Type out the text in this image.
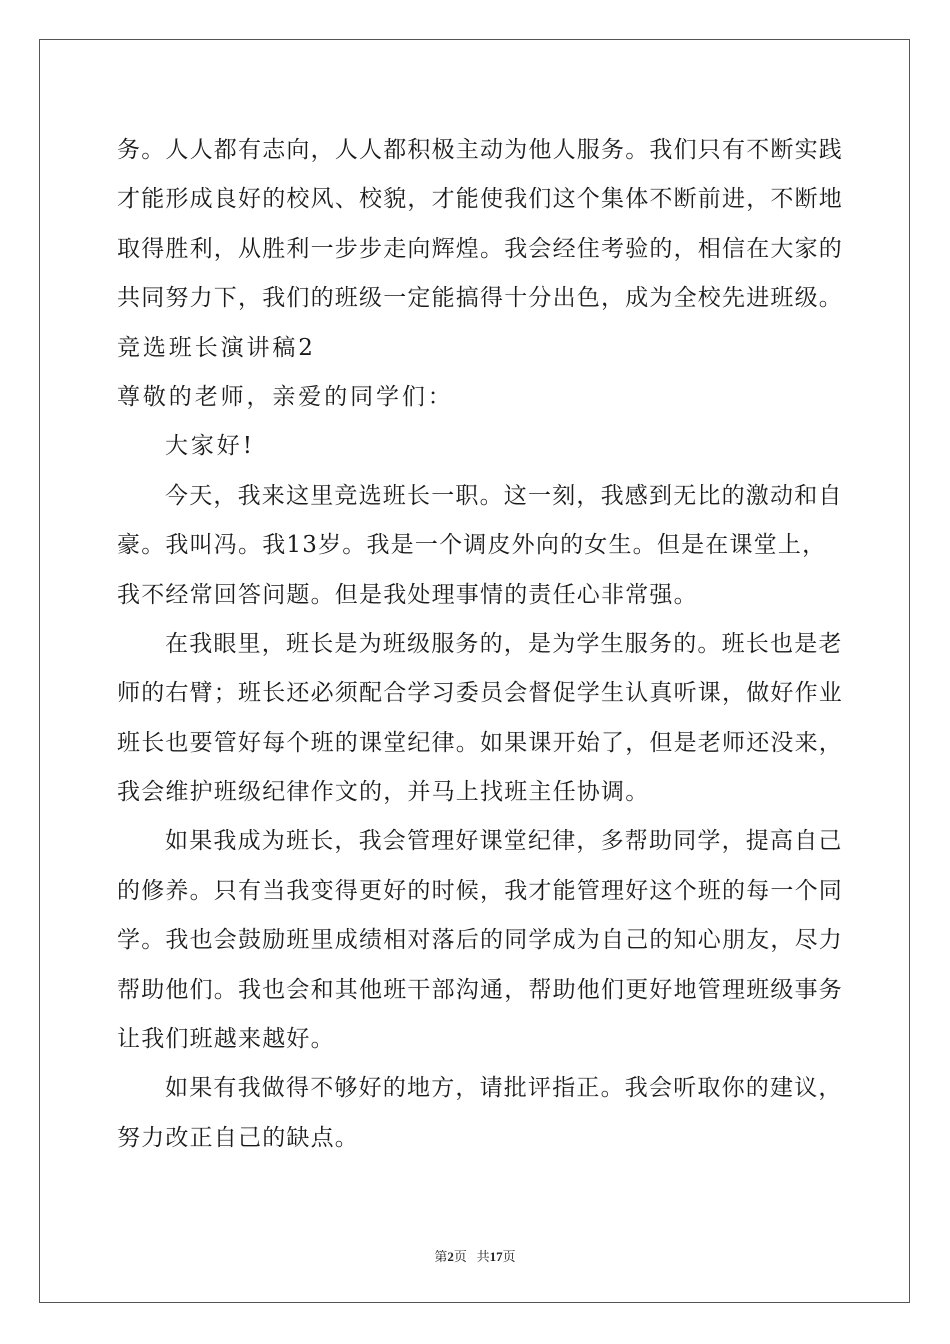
务。人人都有志向，人人都积极主动为他人服务。我们只有不断实践
才能形成良好的校风、校貌，才能使我们这个集体不断前进，不断地
取得胜利，从胜利一步步走向辉煌。我会经住考验的，相信在大家的
共同努力下，我们的班级一定能搞得十分出色，成为全校先进班级。
竞选班长演讲稿2
尊敬的老师，亲爱的同学们：
大家好!
今天，我来这里竞选班长一职。这一刻，我感到无比的激动和自
豪。我叫冯。我13岁。我是一个调皮外向的女生。但是在课堂上，
我不经常回答问题。但是我处理事情的责任心非常强。
在我眼里，班长是为班级服务的，是为学生服务的。班长也是老
师的右臂；班长还必须配合学习委员会督促学生认真听课，做好作业
班长也要管好每个班的课堂纪律。如果课开始了，但是老师还没来，
我会维护班级纪律作文的，并马上找班主任协调。
如果我成为班长，我会管理好课堂纪律，多帮助同学，提高自己
的修养。只有当我变得更好的时候，我才能管理好这个班的每一个同
学。我也会鼓励班里成绩相对落后的同学成为自己的知心朋友，尽力
帮助他们。我也会和其他班干部沟通，帮助他们更好地管理班级事务
让我们班越来越好。
如果有我做得不够好的地方，请批评指正。我会听取你的建议，
努力改正自己的缺点。
第2页 共17页
